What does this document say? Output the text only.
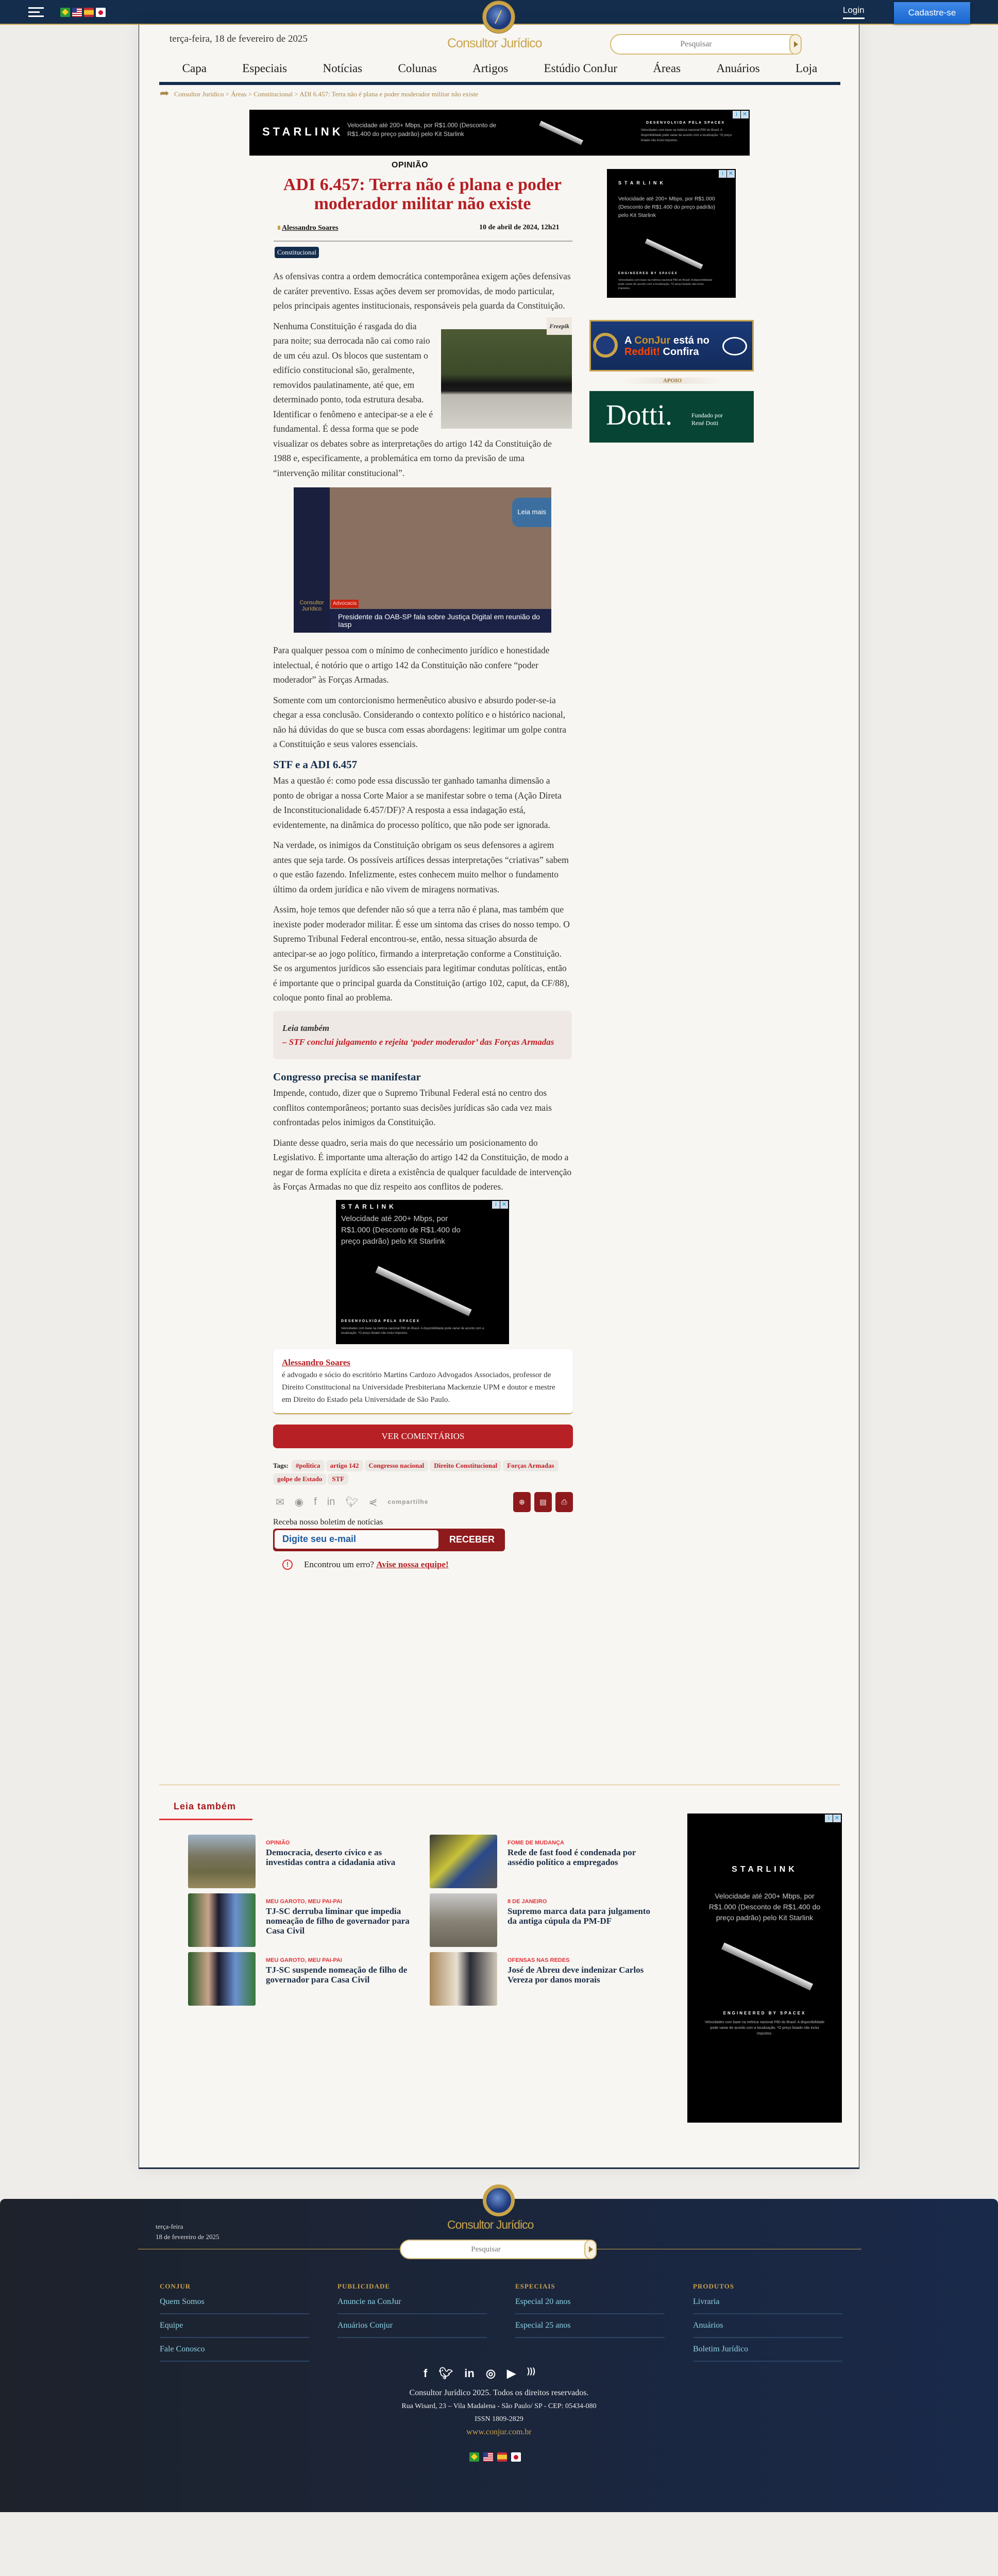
Login	Cadastre-se
terça-feira, 18 de fevereiro de 2025	Consultor Jurídico
Pesquisar
Capa	Especiais	Notícias	Colunas	Artigos	Estúdio ConJur	Áreas	Anuários	Loja
➦ Consultor Jurídico > Áreas > Constitucional > ADI 6.457: Terra não é plana e poder moderador militar não existe
i ✕
STARLINK Velocidade até 200+ Mbps, por R$1.000 (Desconto de R$1.400 do preço padrão) pelo Kit Starlink
DESENVOLVIDA PELA SPACEX
Velocidades com base na métrica nacional P80 do Brasil. A disponibilidade pode variar de acordo com a localização. *O preço listado não inclui impostos.
i ✕
STARLINK
Velocidade até 200+ Mbps, por R$1.000 (Desconto de R$1.400 do preço padrão) pelo Kit Starlink
ENGINEERED BY SPACEX
Velocidades com base na métrica nacional P80 do Brasil. A disponibilidade pode variar de acordo com a localização. *O preço listado não inclui impostos.
A ConJur está no
Reddit! Confira
APOIO
Dotti.	Fundado por René Dotti
OPINIÃO
ADI 6.457: Terra não é plana e poder moderador militar não existe
Alessandro Soares	10 de abril de 2024, 12h21
Constitucional

As ofensivas contra a ordem democrática contemporânea exigem ações defensivas de caráter preventivo. Essas ações devem ser promovidas, de modo particular, pelos principais agentes institucionais, responsáveis pela guarda da Constituição.

Freepik

Nenhuma Constituição é rasgada do dia para noite; sua derrocada não cai como raio de um céu azul. Os blocos que sustentam o edifício constitucional são, geralmente, removidos paulatinamente, até que, em determinado ponto, toda estrutura desaba. Identificar o fenômeno e antecipar-se a ele é fundamental. É dessa forma que se pode visualizar os debates sobre as interpretações do artigo 142 da Constituição de 1988 e, especificamente, a problemática em torno da previsão de uma “intervenção militar constitucional”.

Leia mais
Consultor Jurídico
Advocacia
Presidente da OAB-SP fala sobre Justiça Digital em reunião do Iasp

Para qualquer pessoa com o mínimo de conhecimento jurídico e honestidade intelectual, é notório que o artigo 142 da Constituição não confere “poder moderador” às Forças Armadas.

Somente com um contorcionismo hermenêutico abusivo e absurdo poder-se-ia chegar a essa conclusão. Considerando o contexto político e o histórico nacional, não há dúvidas do que se busca com essas abordagens: legitimar um golpe contra a Constituição e seus valores essenciais.

STF e a ADI 6.457

Mas a questão é: como pode essa discussão ter ganhado tamanha dimensão a ponto de obrigar a nossa Corte Maior a se manifestar sobre o tema (Ação Direta de Inconstitucionalidade 6.457/DF)? A resposta a essa indagação está, evidentemente, na dinâmica do processo político, que não pode ser ignorada.

Na verdade, os inimigos da Constituição obrigam os seus defensores a agirem antes que seja tarde. Os possíveis artífices dessas interpretações “criativas” sabem o que estão fazendo. Infelizmente, estes conhecem muito melhor o fundamento último da ordem jurídica e não vivem de miragens normativas.

Assim, hoje temos que defender não só que a terra não é plana, mas também que inexiste poder moderador militar. É esse um sintoma das crises do nosso tempo. O Supremo Tribunal Federal encontrou-se, então, nessa situação absurda de antecipar-se ao jogo político, firmando a interpretação conforme a Constituição. Se os argumentos jurídicos são essenciais para legitimar condutas políticas, então é importante que o principal guarda da Constituição (artigo 102, caput, da CF/88), coloque ponto final ao problema.

Leia também
– STF conclui julgamento e rejeita ‘poder moderador’ das Forças Armadas
Congresso precisa se manifestar

Impende, contudo, dizer que o Supremo Tribunal Federal está no centro dos conflitos contemporâneos; portanto suas decisões jurídicas são cada vez mais confrontadas pelos inimigos da Constituição.

Diante desse quadro, seria mais do que necessário um posicionamento do Legislativo. É importante uma alteração do artigo 142 da Constituição, de modo a negar de forma explícita e direta a existência de qualquer faculdade de intervenção às Forças Armadas no que diz respeito aos conflitos de poderes.

i ✕
STARLINK
Velocidade até 200+ Mbps, por R$1.000 (Desconto de R$1.400 do preço padrão) pelo Kit Starlink
DESENVOLVIDA PELA SPACEX
Velocidades com base na métrica nacional P80 do Brasil. A disponibilidade pode variar de acordo com a localização. *O preço listado não inclui impostos.
Alessandro Soares
é advogado e sócio do escritório Martins Cardozo Advogados Associados, professor de Direito Constitucional na Universidade Presbiteriana Mackenzie UPM e doutor e mestre em Direito do Estado pela Universidade de São Paulo.
VER COMENTÁRIOS
Tags:	#politica	artigo 142	Congresso nacional	Direito Constitucional	Forças Armadas
golpe de Estado	STF
✉ ◉ f in 🐦︎ ⋞ compartilhe	⊕	▤	⎙
Receba nosso boletim de notícias
Digite seu e-mail
RECEBER
!	Encontrou um erro? Avise nossa equipe!
Leia também
OPINIÃO
Democracia, deserto cívico e as investidas contra a cidadania ativa
FOME DE MUDANÇA
Rede de fast food é condenada por assédio político a empregados
MEU GAROTO, MEU PAI-PAI
TJ-SC derruba liminar que impedia nomeação de filho de governador para Casa Civil
8 DE JANEIRO
Supremo marca data para julgamento da antiga cúpula da PM-DF
MEU GAROTO, MEU PAI-PAI
TJ-SC suspende nomeação de filho de governador para Casa Civil
OFENSAS NAS REDES
José de Abreu deve indenizar Carlos Vereza por danos morais
i ✕
STARLINK
Velocidade até 200+ Mbps, por R$1.000 (Desconto de R$1.400 do preço padrão) pelo Kit Starlink
ENGINEERED BY SPACEX
Velocidades com base na métrica nacional P80 do Brasil. A disponibilidade pode variar de acordo com a localização. *O preço listado não inclui impostos.
terça-feira
18 de fevereiro de 2025
Consultor Jurídico
Pesquisar
CONJUR
Quem Somos
Equipe
Fale Conosco
PUBLICIDADE
Anuncie na ConJur
Anuários Conjur
ESPECIAIS
Especial 20 anos
Especial 25 anos
PRODUTOS
Livraria
Anuários
Boletim Jurídico
f 🐦︎ in ◎ ▶ )))
Consultor Jurídico 2025. Todos os direitos reservados.
Rua Wisard, 23 – Vila Madalena - São Paulo/ SP - CEP: 05434-080
ISSN 1809-2829
www.conjur.com.br
